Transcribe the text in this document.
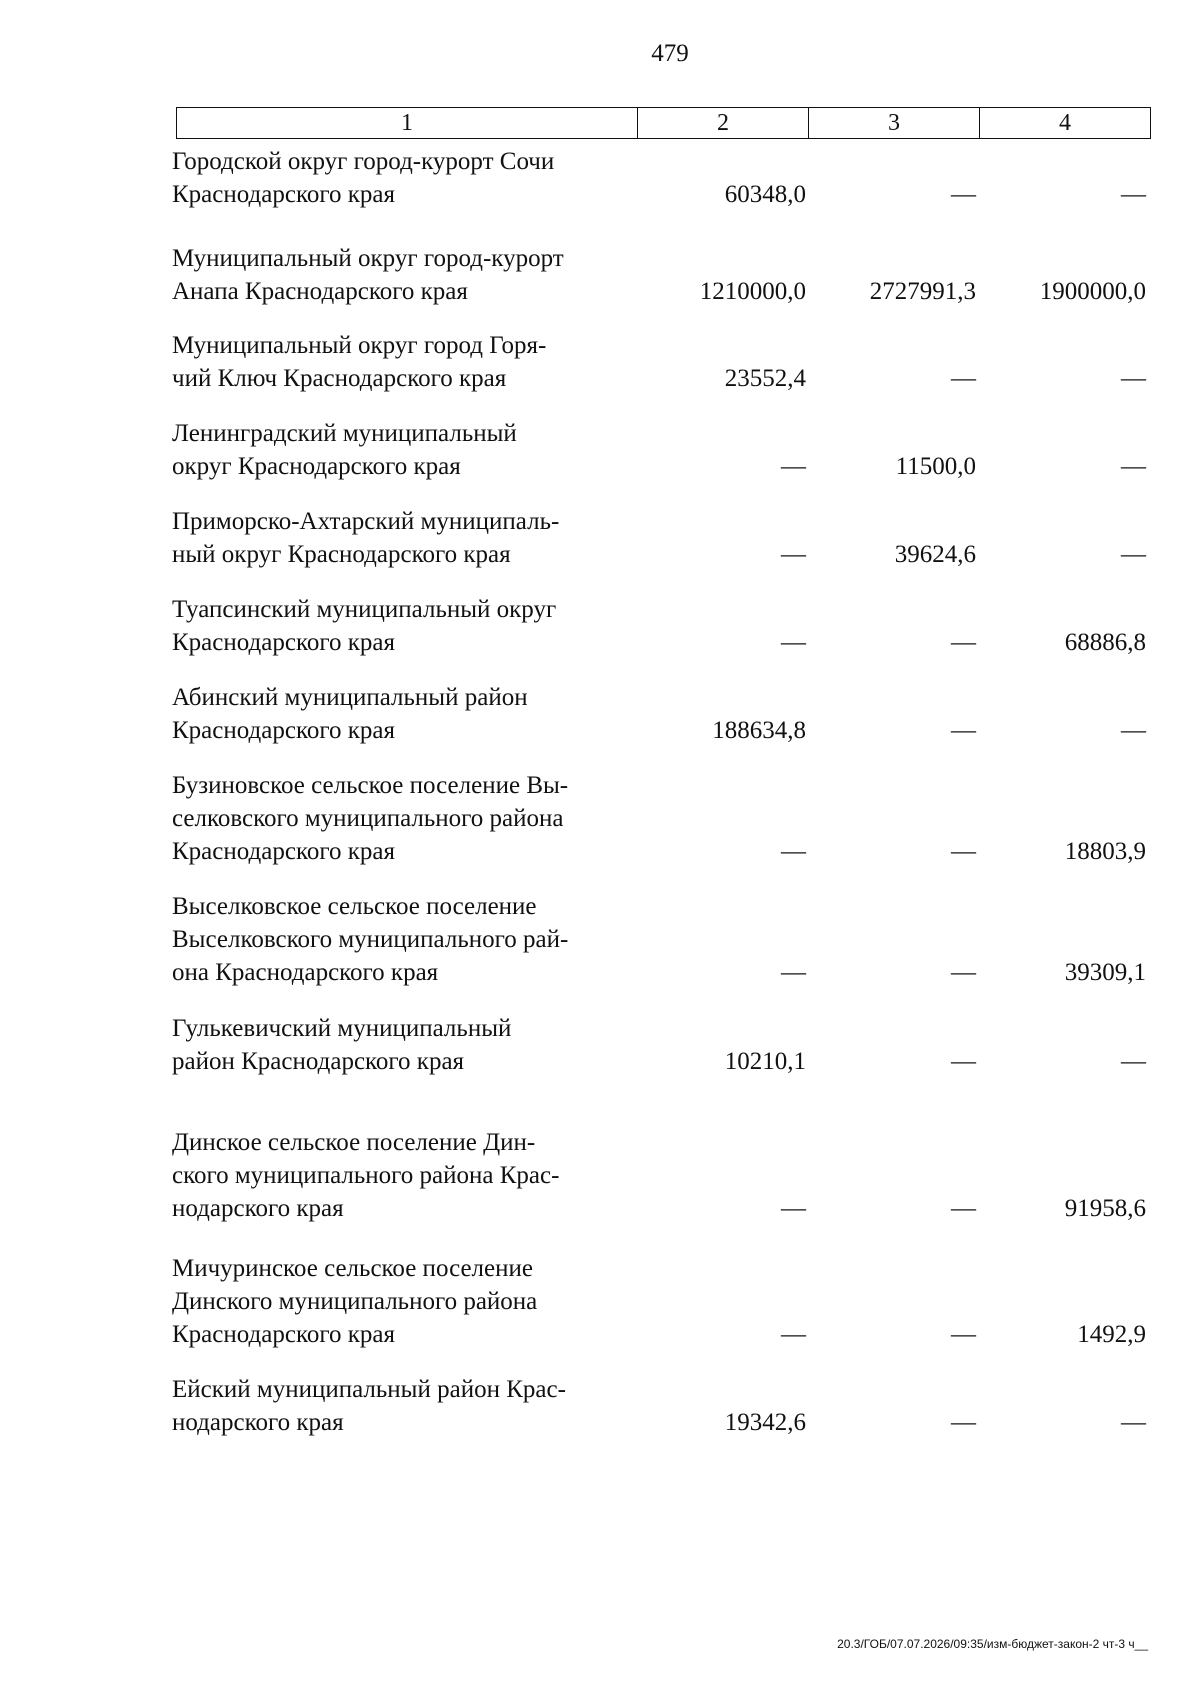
479
1	2	3	4
Городской округ город-курорт Сочи
Краснодарского края	60348,0	—	—
Муниципальный округ город-курорт
Анапа Краснодарского края	1210000,0	2727991,3	1900000,0
Муниципальный округ город Горя-
чий Ключ Краснодарского края	23552,4	—	—
Ленинградский муниципальный
округ Краснодарского края	—	11500,0	—
Приморско-Ахтарский муниципаль-
ный округ Краснодарского края	—	39624,6	—
Туапсинский муниципальный округ
Краснодарского края	—	—	68886,8
Абинский муниципальный район
Краснодарского края	188634,8	—	—
Бузиновское сельское поселение Вы-
селковского муниципального района
Краснодарского края	—	—	18803,9
Выселковское сельское поселение
Выселковского муниципального рай-
она Краснодарского края	—	—	39309,1
Гулькевичский муниципальный
район Краснодарского края	10210,1	—	—
Динское сельское поселение Дин-
ского муниципального района Крас-
нодарского края	—	—	91958,6
Мичуринское сельское поселение
Динского муниципального района
Краснодарского края	—	—	1492,9
Ейский муниципальный район Крас-
нодарского края	19342,6	—	—
20.3/ГОБ/07.07.2026/09:35/изм-бюджет-закон-2 чт-3 ч__
